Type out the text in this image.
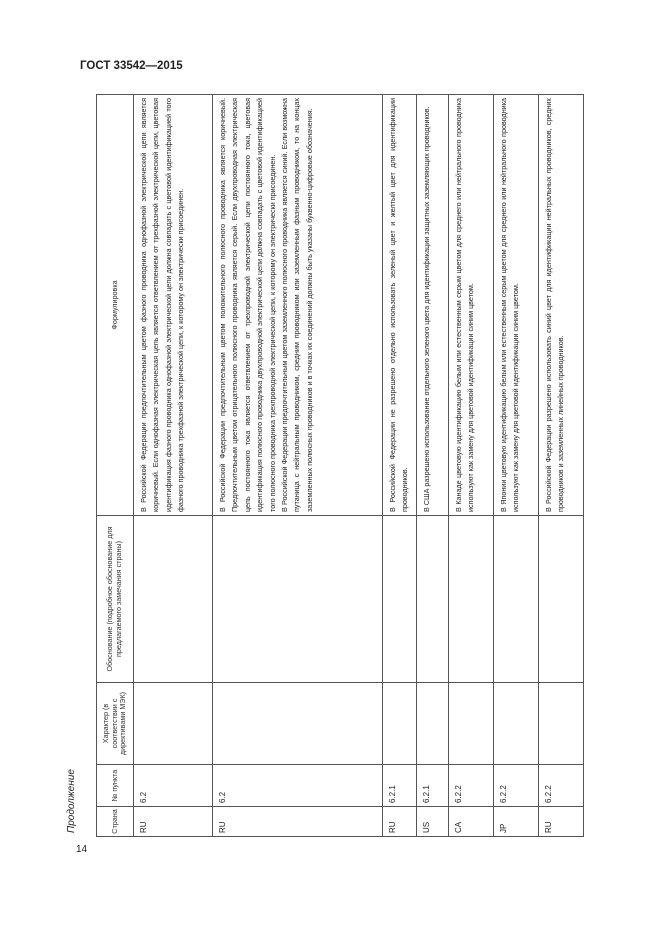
ГОСТ 33542—2015
Продолжение
14
Страна	№ пункта	Характер (в соответствии с директивами МЭК)	Обоснование (подробное обоснование для предлагаемого замечания страны)	Формулировка
RU	6.2			В Российской Федерации предпочтительным цветом фазного проводника однофазной электрической цепи является коричневый. Если однофазная электрическая цепь является ответвлением от трехфазной электрической цепи, цветовая идентификация фазного проводника однофазной электрической цепи должна совпадать с цветовой идентификацией того фазного проводника трехфазной электрической цепи, к которому он электрически присоединен.

RU	6.2			В Российской Федерации предпочтительным цветом положительного полюсного проводника является коричневый. Предпочтительным цветом отрицательного полюсного проводника является серый. Если двухпроводная электрическая цепь постоянного тока является ответвлением от трехпроводной электрической цепи постоянного тока, цветовая идентификация полюсного проводника двухпроводной электрической цепи должна совпадать с цветовой идентификацией того полюсного проводника трехпроводной электрической цепи, к которому он электрически присоединен. В Российской Федерации предпочтительным цветом заземленного полюсного проводника является синий. Если возможна путаница с нейтральным проводником, средним проводником или заземленным фазным проводником, то на концах заземленных полюсных проводников и в точках их соединений должны быть указаны буквенно-цифровые обозначения.

RU	6.2.1			В Российской Федерации не разрешено отдельно использовать зеленый цвет и желтый цвет для идентификации проводников.

US	6.2.1			В США разрешено использование отдельного зеленого цвета для идентификации защитных заземляющих проводников.

CA	6.2.2			В Канаде цветовую идентификацию белым или естественным серым цветом для среднего или нейтрального проводника используют как замену для цветовой идентификации синим цветом.

JP	6.2.2			В Японии цветовую идентификацию белым или естественным серым цветом для среднего или нейтрального проводника используют как замену для цветовой идентификации синим цветом.

RU	6.2.2			В Российской Федерации разрешено использовать синий цвет для идентификации нейтральных проводников, средних проводников и заземленных линейных проводников.
